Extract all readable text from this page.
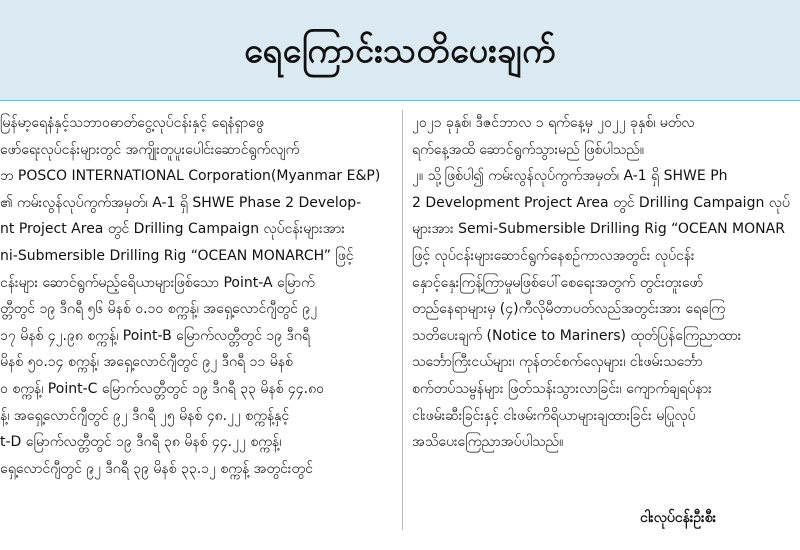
ရေကြောင်းသတိပေးချက်
မြန်မာ့ရေနံနှင့်သဘာဝဓာတ်ငွေ့လုပ်ငန်းနှင့် ရေနံရှာဖွေ
ဖော်ရေးလုပ်ငန်းများတွင် အကျိုးတူပူးပေါင်းဆောင်ရွက်လျက်
ဘ POSCO INTERNATIONAL Corporation(Myanmar E&P)
၏ ကမ်းလွန်လုပ်ကွက်အမှတ်၊ A-1 ရှိ SHWE Phase 2 Develop-
nt Project Area တွင် Drilling Campaign လုပ်ငန်းများအား
ni-Submersible Drilling Rig “OCEAN MONARCH” ဖြင့်
ငန်းများ ဆောင်ရွက်မည့်ရေိယာများဖြစ်သော Point-A မြောက်
တ္တီတွင် ၁၉ ဒီဂရီ ၅၆ မိနစ် ၀.၁၀ စက္ကန့်၊ အရှေ့လောင်ဂျီတွင် ၉၂
၁၇ မိနစ် ၄၂.၉၈ စက္ကန့်၊ Point-B မြောက်လတ္တီတွင် ၁၉ ဒီဂရီ
မိနစ် ၅၀.၁၄ စက္ကန့်၊ အရှေ့လောင်ဂျီတွင် ၉၂ ဒီဂရီ ၁၁ မိနစ်
၀ စက္ကန့်၊ Point-C မြောက်လတ္တီတွင် ၁၉ ဒီဂရီ ၃၃ မိနစ် ၄၄.၈၀
န့်၊ အရှေ့လောင်ဂျီတွင် ၉၂ ဒီဂရီ ၂၅ မိနစ် ၄၈.၂၂ စက္ကန့်နှင့်
t-D မြောက်လတ္တီတွင် ၁၉ ဒီဂရီ ၃၈ မိနစ် ၄၄.၂၂ စက္ကန့်၊
ရှေ့လောင်ဂျီတွင် ၉၂ ဒီဂရီ ၃၉ မိနစ် ၃၃.၁၂ စက္ကန့် အတွင်းတွင်
၂၀၂၁ ခုနှစ်၊ ဒီဇင်ဘာလ ၁ ရက်နေ့မှ ၂၀၂၂ ခုနှစ်၊ မတ်လ
ရက်နေ့အထိ ဆောင်ရွက်သွားမည် ဖြစ်ပါသည်။
၂။ သို့ဖြစ်ပါ၍ ကမ်းလွန်လုပ်ကွက်အမှတ်၊ A-1 ရှိ SHWE Ph
2 Development Project Area တွင် Drilling Campaign လုပ်
များအား Semi-Submersible Drilling Rig “OCEAN MONAR
ဖြင့် လုပ်ငန်းများဆောင်ရွက်နေစဉ်ကာလအတွင်း လုပ်ငန်း
နှောင့်နှေးကြန့်ကြာမှုမဖြစ်ပေါ်စေရေးအတွက် တွင်းတူးဖော်
တည်နေရာများမှ (၄)ကီလိုမီတာပတ်လည်အတွင်းအား ရေကြေ
သတိပေးချက် (Notice to Mariners) ထုတ်ပြန်ကြေညာထား
သင်္ဘောကြီးငယ်များ၊ ကုန်တင်စက်လှေများ၊ ငါးဖမ်းသင်္ဘော
စက်တပ်သမ္ဗန်များ ဖြတ်သန်းသွားလာခြင်း၊ ကျောက်ချရပ်နား
ငါးဖမ်းဆီးခြင်းနှင့် ငါးဖမ်းကိရိယာများချထားခြင်း မပြုလုပ်
အသိပေးကြေညာအပ်ပါသည်။
ငါးလုပ်ငန်းဦးစီး
